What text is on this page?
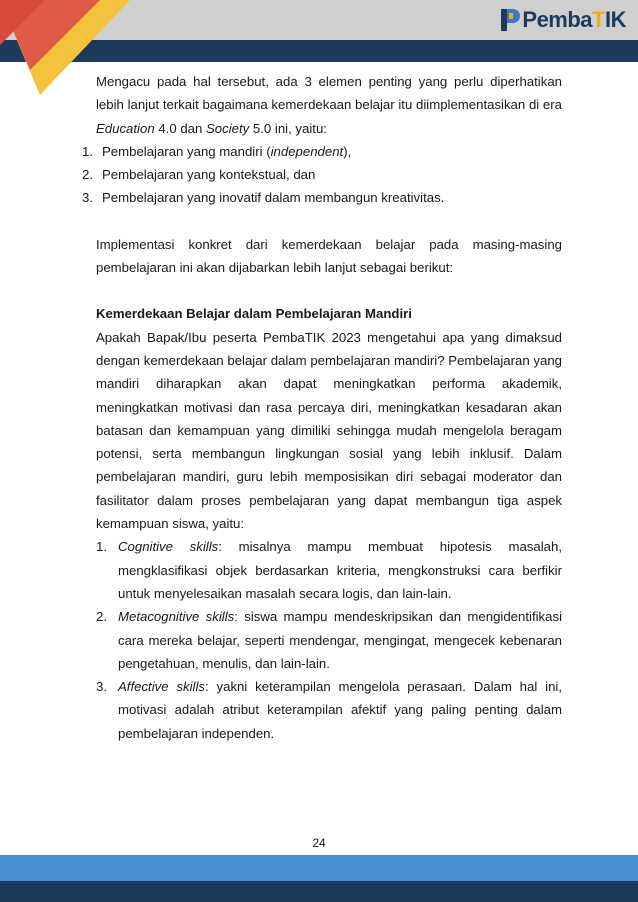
PembaTIK

Mengacu pada hal tersebut, ada 3 elemen penting yang perlu diperhatikan lebih lanjut terkait bagaimana kemerdekaan belajar itu diimplementasikan di era Education 4.0 dan Society 5.0 ini, yaitu:

1. Pembelajaran yang mandiri (independent),
2. Pembelajaran yang kontekstual, dan
3. Pembelajaran yang inovatif dalam membangun kreativitas.

Implementasi konkret dari kemerdekaan belajar pada masing-masing pembelajaran ini akan dijabarkan lebih lanjut sebagai berikut:

Kemerdekaan Belajar dalam Pembelajaran Mandiri

Apakah Bapak/Ibu peserta PembaTIK 2023 mengetahui apa yang dimaksud dengan kemerdekaan belajar dalam pembelajaran mandiri? Pembelajaran yang mandiri diharapkan akan dapat meningkatkan performa akademik, meningkatkan motivasi dan rasa percaya diri, meningkatkan kesadaran akan batasan dan kemampuan yang dimiliki sehingga mudah mengelola beragam potensi, serta membangun lingkungan sosial yang lebih inklusif. Dalam pembelajaran mandiri, guru lebih memposisikan diri sebagai moderator dan fasilitator dalam proses pembelajaran yang dapat membangun tiga aspek kemampuan siswa, yaitu:

1. Cognitive skills: misalnya mampu membuat hipotesis masalah, mengklasifikasi objek berdasarkan kriteria, mengkonstruksi cara berfikir untuk menyelesaikan masalah secara logis, dan lain-lain.
2. Metacognitive skills: siswa mampu mendeskripsikan dan mengidentifikasi cara mereka belajar, seperti mendengar, mengingat, mengecek kebenaran pengetahuan, menulis, dan lain-lain.
3. Affective skills: yakni keterampilan mengelola perasaan. Dalam hal ini, motivasi adalah atribut keterampilan afektif yang paling penting dalam pembelajaran independen.
24
